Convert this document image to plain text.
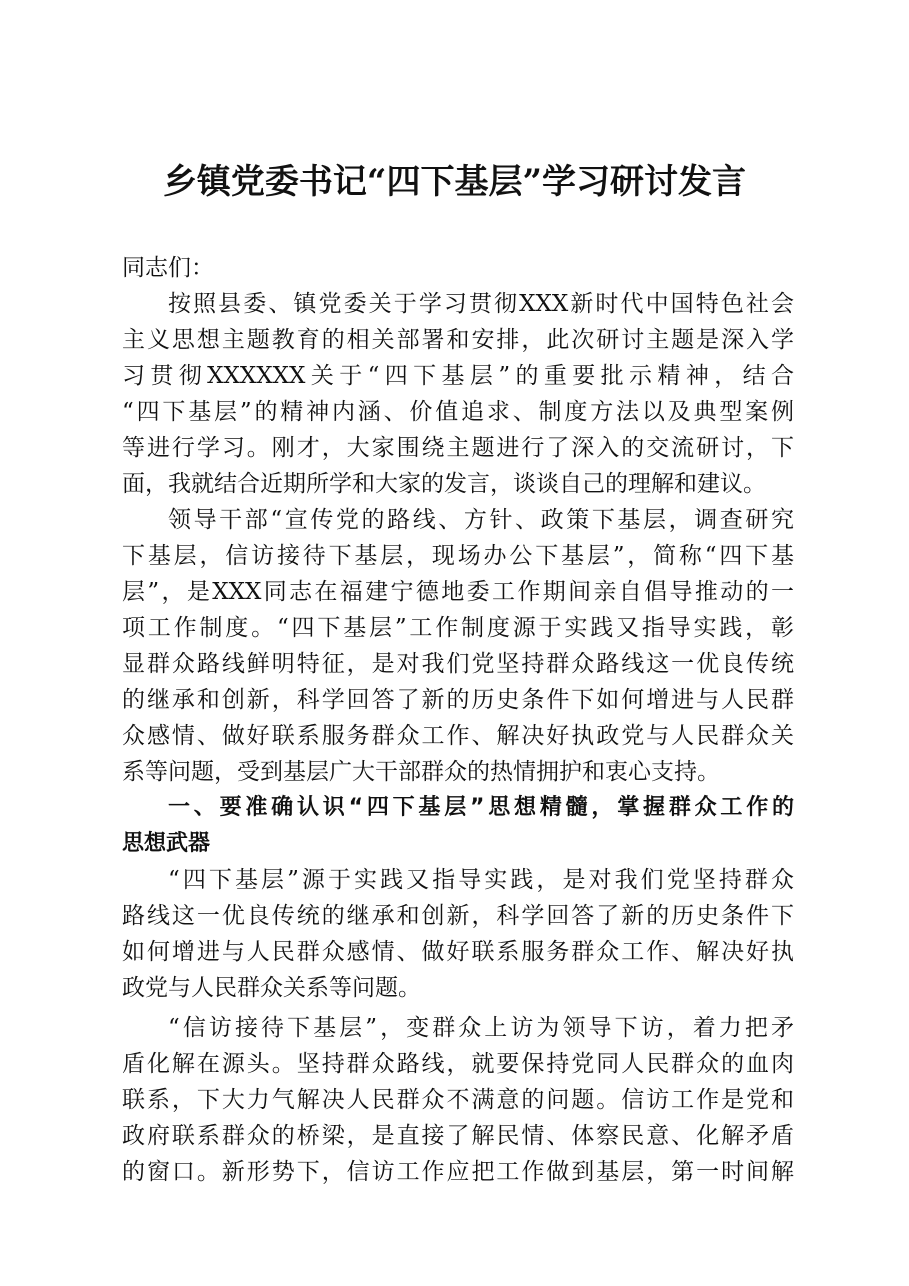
乡镇党委书记“四下基层”学习研讨发言
同志们：
按照县委、镇党委关于学习贯彻XXX新时代中国特色社会
主义思想主题教育的相关部署和安排，此次研讨主题是深入学
习贯彻XXXXXX关于“四下基层”的重要批示精神，结合
“四下基层”的精神内涵、价值追求、制度方法以及典型案例
等进行学习。刚才，大家围绕主题进行了深入的交流研讨，下
面，我就结合近期所学和大家的发言，谈谈自己的理解和建议。
领导干部“宣传党的路线、方针、政策下基层，调查研究
下基层，信访接待下基层，现场办公下基层”，简称“四下基
层”，是XXX同志在福建宁德地委工作期间亲自倡导推动的一
项工作制度。“四下基层”工作制度源于实践又指导实践，彰
显群众路线鲜明特征，是对我们党坚持群众路线这一优良传统
的继承和创新，科学回答了新的历史条件下如何增进与人民群
众感情、做好联系服务群众工作、解决好执政党与人民群众关
系等问题，受到基层广大干部群众的热情拥护和衷心支持。
一、要准确认识“四下基层”思想精髓，掌握群众工作的
思想武器
“四下基层”源于实践又指导实践，是对我们党坚持群众
路线这一优良传统的继承和创新，科学回答了新的历史条件下
如何增进与人民群众感情、做好联系服务群众工作、解决好执
政党与人民群众关系等问题。
“信访接待下基层”，变群众上访为领导下访，着力把矛
盾化解在源头。坚持群众路线，就要保持党同人民群众的血肉
联系，下大力气解决人民群众不满意的问题。信访工作是党和
政府联系群众的桥梁，是直接了解民情、体察民意、化解矛盾
的窗口。新形势下，信访工作应把工作做到基层，第一时间解
